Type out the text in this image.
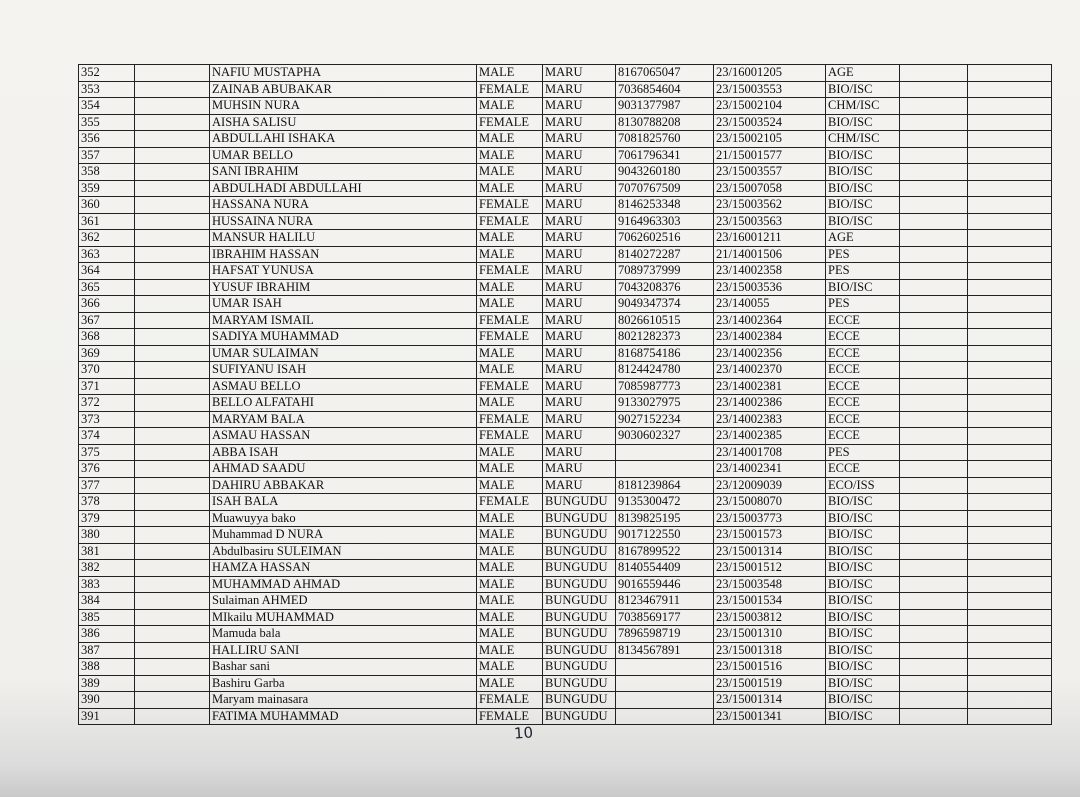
352		NAFIU MUSTAPHA	MALE	MARU	8167065047	23/16001205	AGE		
353		ZAINAB ABUBAKAR	FEMALE	MARU	7036854604	23/15003553	BIO/ISC		
354		MUHSIN NURA	MALE	MARU	9031377987	23/15002104	CHM/ISC		
355		AISHA SALISU	FEMALE	MARU	8130788208	23/15003524	BIO/ISC		
356		ABDULLAHI ISHAKA	MALE	MARU	7081825760	23/15002105	CHM/ISC		
357		UMAR BELLO	MALE	MARU	7061796341	21/15001577	BIO/ISC		
358		SANI IBRAHIM	MALE	MARU	9043260180	23/15003557	BIO/ISC		
359		ABDULHADI ABDULLAHI	MALE	MARU	7070767509	23/15007058	BIO/ISC		
360		HASSANA NURA	FEMALE	MARU	8146253348	23/15003562	BIO/ISC		
361		HUSSAINA NURA	FEMALE	MARU	9164963303	23/15003563	BIO/ISC		
362		MANSUR HALILU	MALE	MARU	7062602516	23/16001211	AGE		
363		IBRAHIM HASSAN	MALE	MARU	8140272287	21/14001506	PES		
364		HAFSAT YUNUSA	FEMALE	MARU	7089737999	23/14002358	PES		
365		YUSUF IBRAHIM	MALE	MARU	7043208376	23/15003536	BIO/ISC		
366		UMAR ISAH	MALE	MARU	9049347374	23/140055	PES		
367		MARYAM ISMAIL	FEMALE	MARU	8026610515	23/14002364	ECCE		
368		SADIYA MUHAMMAD	FEMALE	MARU	8021282373	23/14002384	ECCE		
369		UMAR SULAIMAN	MALE	MARU	8168754186	23/14002356	ECCE		
370		SUFIYANU ISAH	MALE	MARU	8124424780	23/14002370	ECCE		
371		ASMAU BELLO	FEMALE	MARU	7085987773	23/14002381	ECCE		
372		BELLO ALFATAHI	MALE	MARU	9133027975	23/14002386	ECCE		
373		MARYAM BALA	FEMALE	MARU	9027152234	23/14002383	ECCE		
374		ASMAU HASSAN	FEMALE	MARU	9030602327	23/14002385	ECCE		
375		ABBA ISAH	MALE	MARU		23/14001708	PES		
376		AHMAD SAADU	MALE	MARU		23/14002341	ECCE		
377		DAHIRU ABBAKAR	MALE	MARU	8181239864	23/12009039	ECO/ISS		
378		ISAH BALA	FEMALE	BUNGUDU	9135300472	23/15008070	BIO/ISC		
379		Muawuyya bako	MALE	BUNGUDU	8139825195	23/15003773	BIO/ISC		
380		Muhammad D NURA	MALE	BUNGUDU	9017122550	23/15001573	BIO/ISC		
381		Abdulbasiru SULEIMAN	MALE	BUNGUDU	8167899522	23/15001314	BIO/ISC		
382		HAMZA HASSAN	MALE	BUNGUDU	8140554409	23/15001512	BIO/ISC		
383		MUHAMMAD AHMAD	MALE	BUNGUDU	9016559446	23/15003548	BIO/ISC		
384		Sulaiman AHMED	MALE	BUNGUDU	8123467911	23/15001534	BIO/ISC		
385		MIkailu MUHAMMAD	MALE	BUNGUDU	7038569177	23/15003812	BIO/ISC		
386		Mamuda bala	MALE	BUNGUDU	7896598719	23/15001310	BIO/ISC		
387		HALLIRU SANI	MALE	BUNGUDU	8134567891	23/15001318	BIO/ISC		
388		Bashar sani	MALE	BUNGUDU		23/15001516	BIO/ISC		
389		Bashiru Garba	MALE	BUNGUDU		23/15001519	BIO/ISC		
390		Maryam mainasara	FEMALE	BUNGUDU		23/15001314	BIO/ISC		
391		FATIMA MUHAMMAD	FEMALE	BUNGUDU		23/15001341	BIO/ISC		
10
